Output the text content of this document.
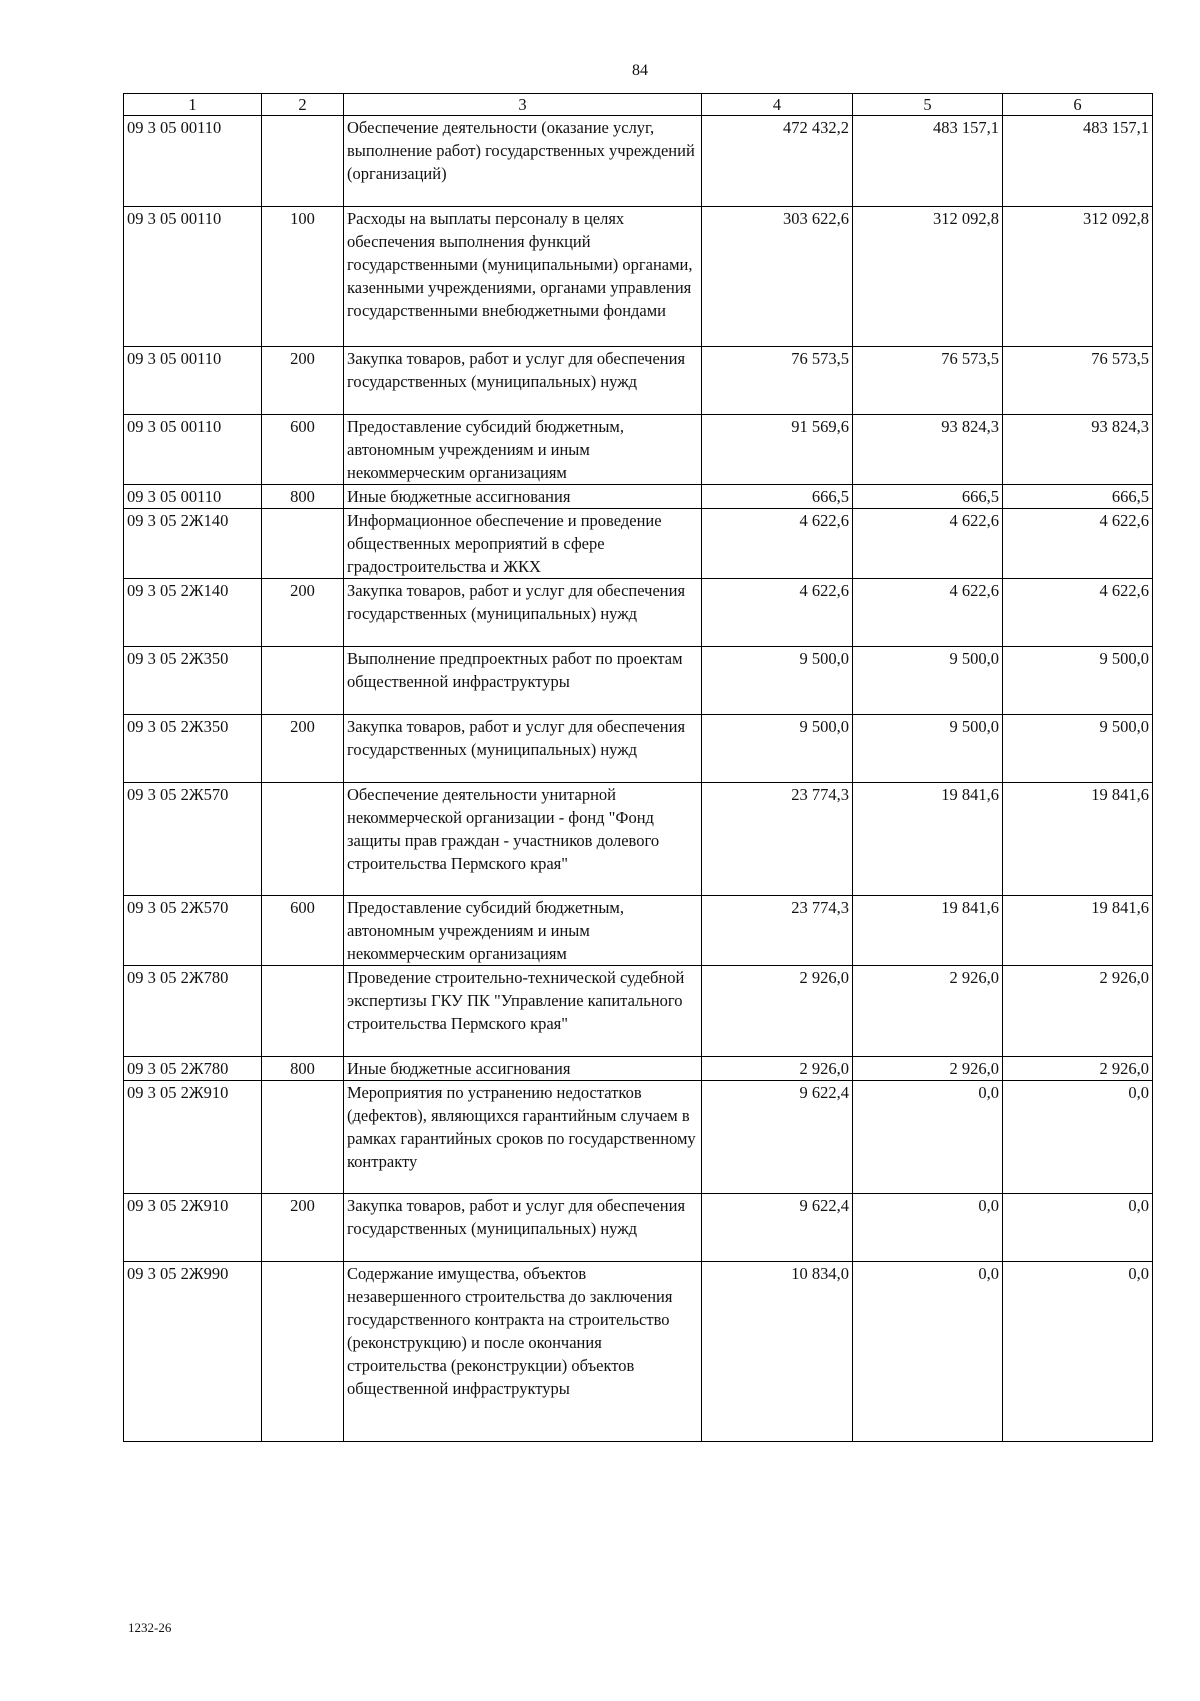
84
1	2	3	4	5	6
09 3 05 00110		Обеспечение деятельности (оказание услуг, выполнение работ) государственных учреждений (организаций)	472 432,2	483 157,1	483 157,1
09 3 05 00110	100	Расходы на выплаты персоналу в целях обеспечения выполнения функций государственными (муниципальными) органами, казенными учреждениями, органами управления государственными внебюджетными фондами	303 622,6	312 092,8	312 092,8
09 3 05 00110	200	Закупка товаров, работ и услуг для обеспечения государственных (муниципальных) нужд	76 573,5	76 573,5	76 573,5
09 3 05 00110	600	Предоставление субсидий бюджетным, автономным учреждениям и иным некоммерческим организациям	91 569,6	93 824,3	93 824,3
09 3 05 00110	800	Иные бюджетные ассигнования	666,5	666,5	666,5
09 3 05 2Ж140		Информационное обеспечение и проведение общественных мероприятий в сфере градостроительства и ЖКХ	4 622,6	4 622,6	4 622,6
09 3 05 2Ж140	200	Закупка товаров, работ и услуг для обеспечения государственных (муниципальных) нужд	4 622,6	4 622,6	4 622,6
09 3 05 2Ж350		Выполнение предпроектных работ по проектам общественной инфраструктуры	9 500,0	9 500,0	9 500,0
09 3 05 2Ж350	200	Закупка товаров, работ и услуг для обеспечения государственных (муниципальных) нужд	9 500,0	9 500,0	9 500,0
09 3 05 2Ж570		Обеспечение деятельности унитарной некоммерческой организации - фонд "Фонд защиты прав граждан - участников долевого строительства Пермского края"	23 774,3	19 841,6	19 841,6
09 3 05 2Ж570	600	Предоставление субсидий бюджетным, автономным учреждениям и иным некоммерческим организациям	23 774,3	19 841,6	19 841,6
09 3 05 2Ж780		Проведение строительно-технической судебной экспертизы ГКУ ПК "Управление капитального строительства Пермского края"	2 926,0	2 926,0	2 926,0
09 3 05 2Ж780	800	Иные бюджетные ассигнования	2 926,0	2 926,0	2 926,0
09 3 05 2Ж910		Мероприятия по устранению недостатков (дефектов), являющихся гарантийным случаем в рамках гарантийных сроков по государственному контракту	9 622,4	0,0	0,0
09 3 05 2Ж910	200	Закупка товаров, работ и услуг для обеспечения государственных (муниципальных) нужд	9 622,4	0,0	0,0
09 3 05 2Ж990		Содержание имущества, объектов незавершенного строительства до заключения государственного контракта на строительство (реконструкцию) и после окончания строительства (реконструкции) объектов общественной инфраструктуры	10 834,0	0,0	0,0
1232-26
